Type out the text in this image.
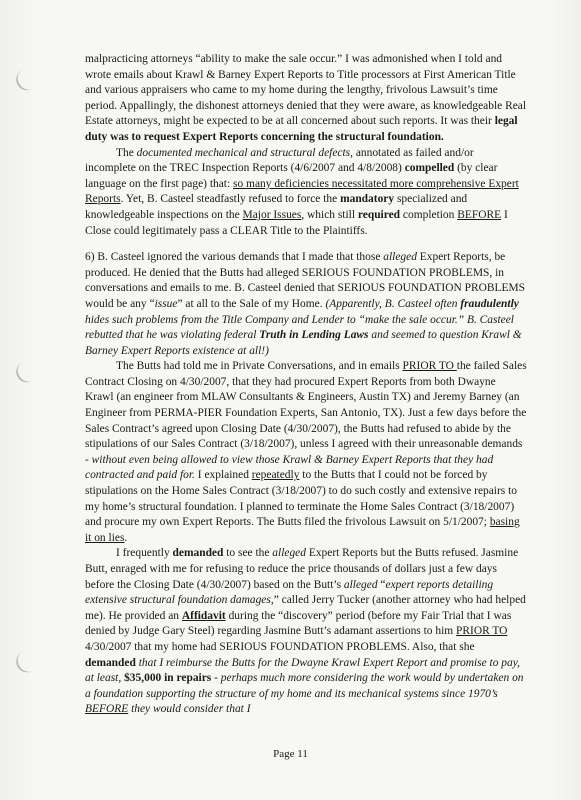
malpracticing attorneys “ability to make the sale occur.” I was admonished when I told and wrote emails about Krawl & Barney Expert Reports to Title processors at First American Title and various appraisers who came to my home during the lengthy, frivolous Lawsuit’s time period. Appallingly, the dishonest attorneys denied that they were aware, as knowledgeable Real Estate attorneys, might be expected to be at all concerned about such reports. It was their legal duty was to request Expert Reports concerning the structural foundation.

The documented mechanical and structural defects, annotated as failed and/or incomplete on the TREC Inspection Reports (4/6/2007 and 4/8/2008) compelled (by clear language on the first page) that: so many deficiencies necessitated more comprehensive Expert Reports. Yet, B. Casteel steadfastly refused to force the mandatory specialized and knowledgeable inspections on the Major Issues, which still required completion BEFORE I Close could legitimately pass a CLEAR Title to the Plaintiffs.

6) B. Casteel ignored the various demands that I made that those alleged Expert Reports, be produced. He denied that the Butts had alleged SERIOUS FOUNDATION PROBLEMS, in conversations and emails to me. B. Casteel denied that SERIOUS FOUNDATION PROBLEMS would be any “issue” at all to the Sale of my Home. (Apparently, B. Casteel often fraudulently hides such problems from the Title Company and Lender to “make the sale occur.” B. Casteel rebutted that he was violating federal Truth in Lending Laws and seemed to question Krawl & Barney Expert Reports existence at all!)

The Butts had told me in Private Conversations, and in emails PRIOR TO the failed Sales Contract Closing on 4/30/2007, that they had procured Expert Reports from both Dwayne Krawl (an engineer from MLAW Consultants & Engineers, Austin TX) and Jeremy Barney (an Engineer from PERMA-PIER Foundation Experts, San Antonio, TX). Just a few days before the Sales Contract’s agreed upon Closing Date (4/30/2007), the Butts had refused to abide by the stipulations of our Sales Contract (3/18/2007), unless I agreed with their unreasonable demands - without even being allowed to view those Krawl & Barney Expert Reports that they had contracted and paid for. I explained repeatedly to the Butts that I could not be forced by stipulations on the Home Sales Contract (3/18/2007) to do such costly and extensive repairs to my home’s structural foundation. I planned to terminate the Home Sales Contract (3/18/2007) and procure my own Expert Reports. The Butts filed the frivolous Lawsuit on 5/1/2007; basing it on lies.

I frequently demanded to see the alleged Expert Reports but the Butts refused. Jasmine Butt, enraged with me for refusing to reduce the price thousands of dollars just a few days before the Closing Date (4/30/2007) based on the Butt’s alleged “expert reports detailing extensive structural foundation damages,” called Jerry Tucker (another attorney who had helped me). He provided an Affidavit during the “discovery” period (before my Fair Trial that I was denied by Judge Gary Steel) regarding Jasmine Butt’s adamant assertions to him PRIOR TO 4/30/2007 that my home had SERIOUS FOUNDATION PROBLEMS. Also, that she demanded that I reimburse the Butts for the Dwayne Krawl Expert Report and promise to pay, at least, $35,000 in repairs - perhaps much more considering the work would by undertaken on a foundation supporting the structure of my home and its mechanical systems since 1970’s BEFORE they would consider that I

Page 11
